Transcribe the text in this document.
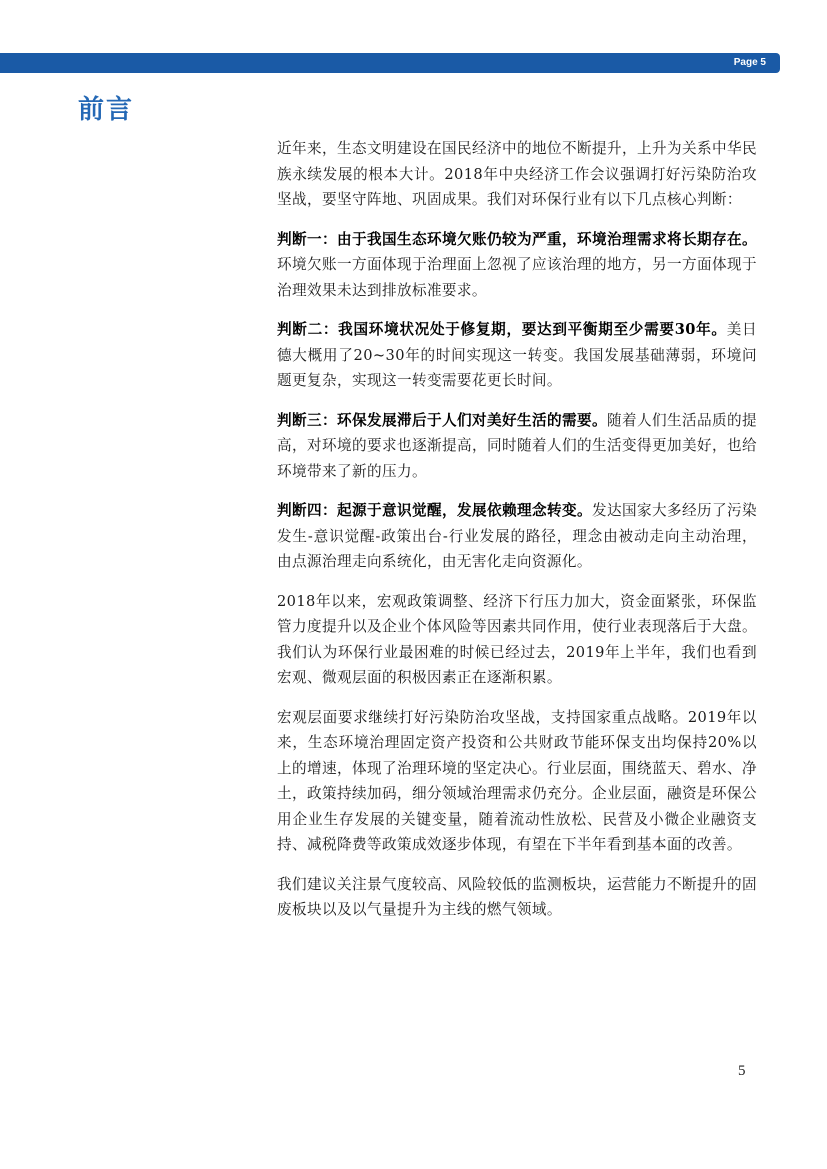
Page 5
前言

近年来，生态文明建设在国民经济中的地位不断提升，上升为关系中华民族永续发展的根本大计。2018年中央经济工作会议强调打好污染防治攻坚战，要坚守阵地、巩固成果。我们对环保行业有以下几点核心判断：

判断一：由于我国生态环境欠账仍较为严重，环境治理需求将长期存在。环境欠账一方面体现于治理面上忽视了应该治理的地方，另一方面体现于治理效果未达到排放标准要求。

判断二：我国环境状况处于修复期，要达到平衡期至少需要30年。美日德大概用了20~30年的时间实现这一转变。我国发展基础薄弱，环境问题更复杂，实现这一转变需要花更长时间。

判断三：环保发展滞后于人们对美好生活的需要。随着人们生活品质的提高，对环境的要求也逐渐提高，同时随着人们的生活变得更加美好，也给环境带来了新的压力。

判断四：起源于意识觉醒，发展依赖理念转变。发达国家大多经历了污染发生-意识觉醒-政策出台-行业发展的路径，理念由被动走向主动治理，由点源治理走向系统化，由无害化走向资源化。

2018年以来，宏观政策调整、经济下行压力加大，资金面紧张，环保监管力度提升以及企业个体风险等因素共同作用，使行业表现落后于大盘。我们认为环保行业最困难的时候已经过去，2019年上半年，我们也看到宏观、微观层面的积极因素正在逐渐积累。

宏观层面要求继续打好污染防治攻坚战，支持国家重点战略。2019年以来，生态环境治理固定资产投资和公共财政节能环保支出均保持20%以上的增速，体现了治理环境的坚定决心。行业层面，围绕蓝天、碧水、净土，政策持续加码，细分领域治理需求仍充分。企业层面，融资是环保公用企业生存发展的关键变量，随着流动性放松、民营及小微企业融资支持、减税降费等政策成效逐步体现，有望在下半年看到基本面的改善。

我们建议关注景气度较高、风险较低的监测板块，运营能力不断提升的固废板块以及以气量提升为主线的燃气领域。

5
